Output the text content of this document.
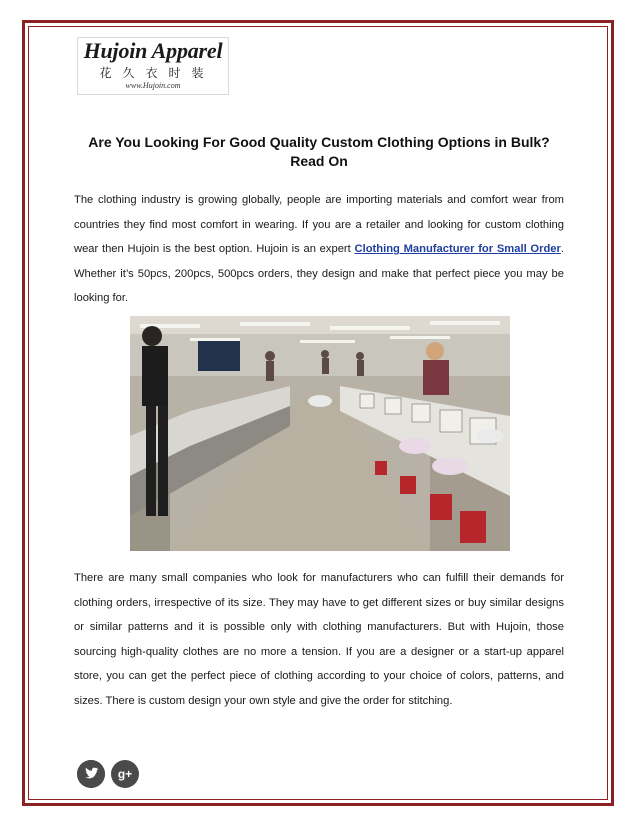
Hujoin Apparel
花久衣时装
www.Hujoin.com
Are You Looking For Good Quality Custom Clothing Options in Bulk? Read On

The clothing industry is growing globally, people are importing materials and comfort wear from countries they find most comfort in wearing. If you are a retailer and looking for custom clothing wear then Hujoin is the best option. Hujoin is an expert Clothing Manufacturer for Small Order. Whether it’s 50pcs, 200pcs, 500pcs orders, they design and make that perfect piece you may be looking for.

There are many small companies who look for manufacturers who can fulfill their demands for clothing orders, irrespective of its size. They may have to get different sizes or buy similar designs or similar patterns and it is possible only with clothing manufacturers. But with Hujoin, those sourcing high-quality clothes are no more a tension. If you are a designer or a start-up apparel store, you can get the perfect piece of clothing according to your choice of colors, patterns, and sizes. There is custom design your own style and give the order for stitching.

g+
